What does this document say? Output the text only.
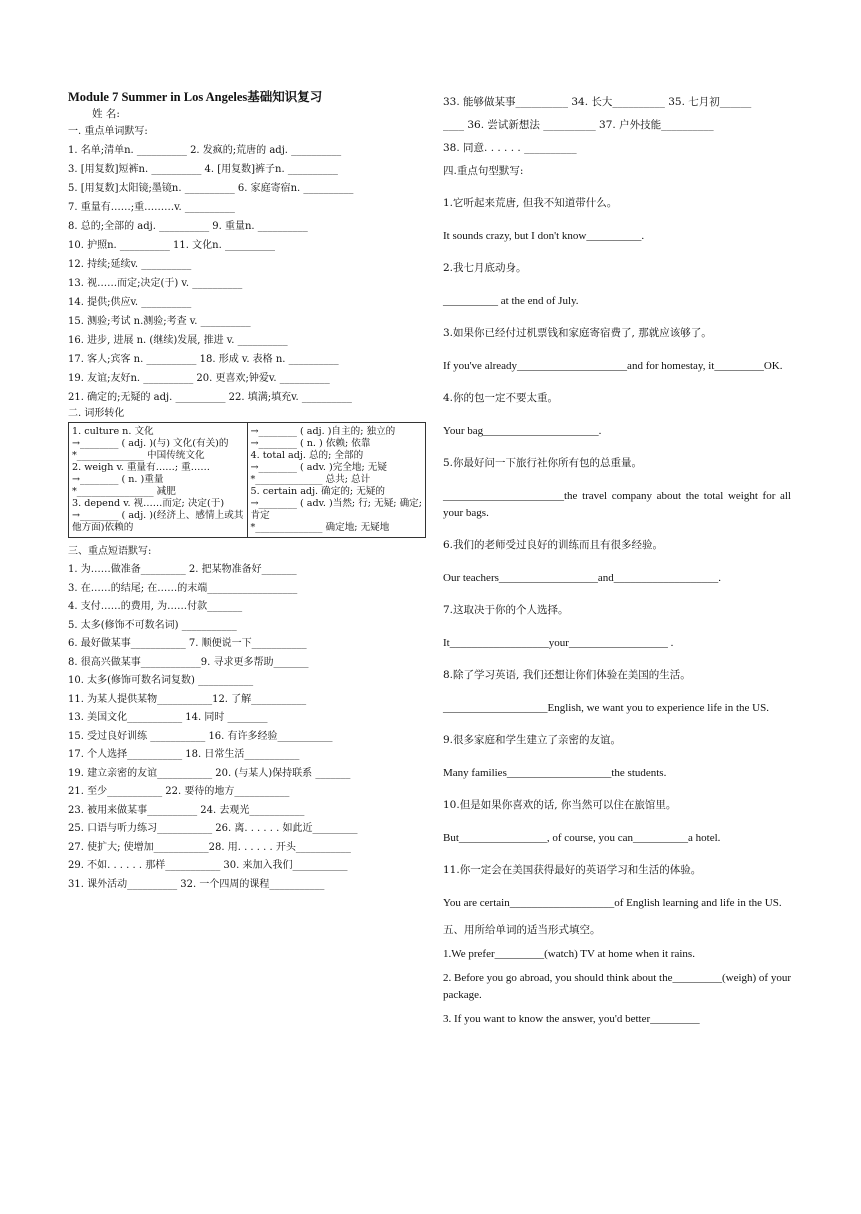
Module 7 Summer in Los Angeles基础知识复习
姓 名:
一. 重点单词默写:
1. 名单;清单n. __________ 2. 发疯的;荒唐的 adj. __________
3. [用复数]短裤n. __________ 4. [用复数]裤子n. __________
5. [用复数]太阳镜;墨镜n. __________ 6. 家庭寄宿n. __________
7. 重量有……;重………v. __________
8. 总的;全部的 adj. __________ 9. 重量n. __________
10. 护照n. __________ 11. 文化n. __________
12. 持续;延续v. __________
13. 视……而定;决定(于) v. __________
14. 提供;供应v. __________
15. 测验;考试 n.测验;考查 v. __________
16. 进步, 进展 n. (继续)发展, 推进 v. __________
17. 客人;宾客 n. __________ 18. 形成 v. 表格 n. __________
19. 友谊;友好n. __________ 20. 更喜欢;钟爱v. __________
21. 确定的;无疑的 adj. __________ 22. 填满;填充v. __________
二. 词形转化
1. culture n. 文化
→________ ( adj. )(与) 文化(有关)的
*______________ 中国传统文化
2. weigh v. 重量有……; 重……
→________ ( n. )重量
*________________ 减肥
3. depend v. 视……而定; 决定(于)
→________ ( adj. )(经济上、感情上或其他方面)依赖的

→________ ( adj. )自主的; 独立的
→________ ( n. ) 依赖; 依靠
4. total adj. 总的; 全部的
→________ ( adv. )完全地; 无疑
*______________ 总共; 总计
5. certain adj. 确定的; 无疑的
→________ ( adv. )当然; 行; 无疑; 确定; 肯定
*______________ 确定地; 无疑地
三、重点短语默写:
1. 为……做准备_________ 2. 把某物准备好_______
3. 在……的结尾; 在……的末端__________________
4. 支付……的费用, 为……付款_______
5. 太多(修饰不可数名词) ___________
6. 最好做某事___________ 7. 顺便说一下___________
8. 很高兴做某事____________9. 寻求更多帮助_______
10. 太多(修饰可数名词复数) ___________
11. 为某人提供某物___________12. 了解___________
13. 美国文化___________ 14. 同时 ________
15. 受过良好训练 ___________ 16. 有许多经验___________
17. 个人选择___________ 18. 日常生活___________
19. 建立亲密的友谊___________ 20. (与某人)保持联系 _______
21. 至少___________ 22. 要待的地方___________
23. 被用来做某事__________ 24. 去观光___________
25. 口语与听力练习___________ 26. 离. . . . . . 如此近_________
27. 使扩大; 使增加___________28. 用. . . . . . 开头___________
29. 不如. . . . . . 那样___________ 30. 来加入我们___________
31. 课外活动__________ 32. 一个四周的课程___________
33. 能够做某事__________ 34. 长大__________ 35. 七月初______
____ 36. 尝试新想法 __________ 37. 户外技能__________
38. 同意. . . . . . __________
四.重点句型默写:
1.它听起来荒唐, 但我不知道带什么。
It sounds crazy, but I don't know__________.
2.我七月底动身。
__________ at the end of July.
3.如果你已经付过机票钱和家庭寄宿费了, 那就应该够了。
If you've already____________________and for homestay, it_________OK.
4.你的包一定不要太重。
Your bag_____________________.
5.你最好问一下旅行社你所有包的总重量。
______________________the travel company about the total weight for all your bags.
6.我们的老师受过良好的训练而且有很多经验。
Our teachers__________________and___________________.
7.这取决于你的个人选择。
It__________________your__________________ .
8.除了学习英语, 我们还想让你们体验在美国的生活。
___________________English, we want you to experience life in the US.
9.很多家庭和学生建立了亲密的友谊。
Many families___________________the students.
10.但是如果你喜欢的话, 你当然可以住在旅馆里。
But________________, of course, you can__________a hotel.
11.你一定会在美国获得最好的英语学习和生活的体验。
You are certain___________________of English learning and life in the US.
五、用所给单词的适当形式填空。
1.We prefer_________(watch) TV at home when it rains.
2. Before you go abroad, you should think about the_________(weigh) of your package.
3. If you want to know the answer, you'd better_________
